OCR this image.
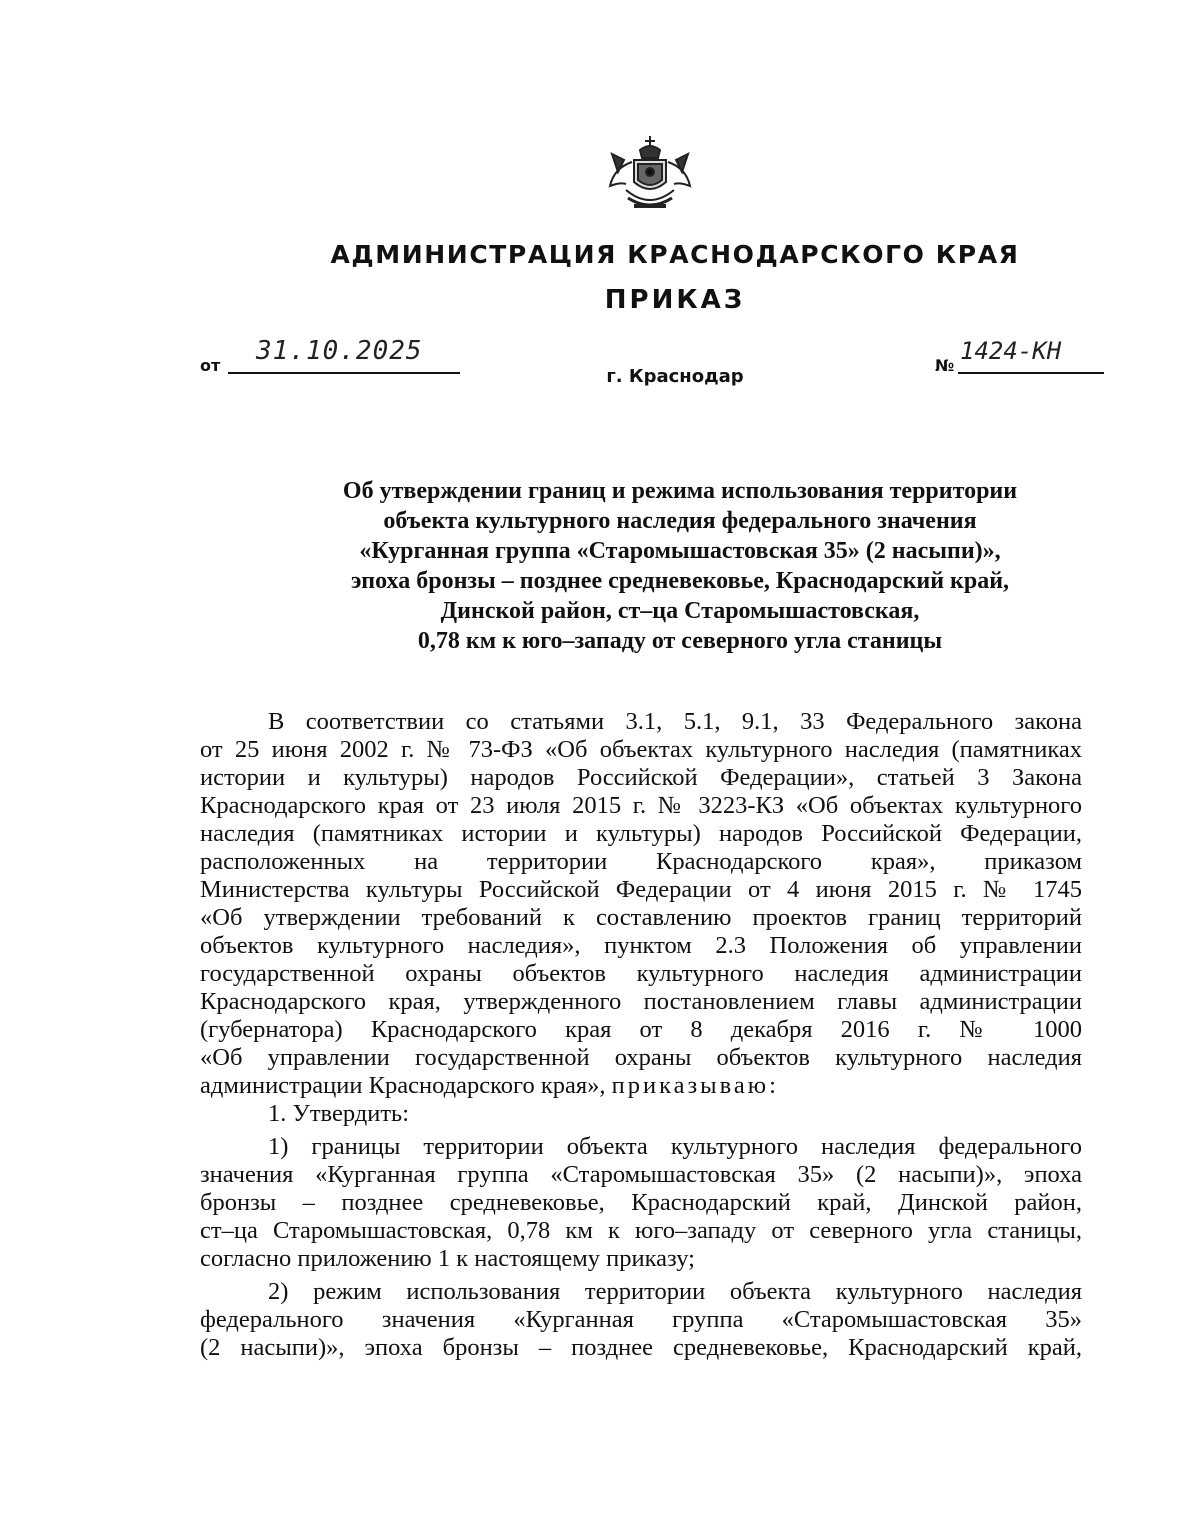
АДМИНИСТРАЦИЯ КРАСНОДАРСКОГО КРАЯ
ПРИКАЗ
от	31.10.2025
г. Краснодар
№
1424-КН
Об утверждении границ и режима использования территории
объекта культурного наследия федерального значения
«Курганная группа «Старомышастовская 35» (2 насыпи)»,
эпоха бронзы – позднее средневековье, Краснодарский край,
Динской район, ст–ца Старомышастовская,
0,78 км к юго–западу от северного угла станицы
В соответствии со статьями 3.1, 5.1, 9.1, 33 Федерального закона
от 25 июня 2002 г. № 73-ФЗ «Об объектах культурного наследия (памятниках
истории и культуры) народов Российской Федерации», статьей 3 Закона
Краснодарского края от 23 июля 2015 г. № 3223-КЗ «Об объектах культурного
наследия (памятниках истории и культуры) народов Российской Федерации,
расположенных на территории Краснодарского края», приказом
Министерства культуры Российской Федерации от 4 июня 2015 г. № 1745
«Об утверждении требований к составлению проектов границ территорий
объектов культурного наследия», пунктом 2.3 Положения об управлении
государственной охраны объектов культурного наследия администрации
Краснодарского края, утвержденного постановлением главы администрации
(губернатора) Краснодарского края от 8 декабря 2016 г. № 1000
«Об управлении государственной охраны объектов культурного наследия
администрации Краснодарского края», приказываю:
1. Утвердить:
1) границы территории объекта культурного наследия федерального
значения «Курганная группа «Старомышастовская 35» (2 насыпи)», эпоха
бронзы – позднее средневековье, Краснодарский край, Динской район,
ст–ца Старомышастовская, 0,78 км к юго–западу от северного угла станицы,
согласно приложению 1 к настоящему приказу;
2) режим использования территории объекта культурного наследия
федерального значения «Курганная группа «Старомышастовская 35»
(2 насыпи)», эпоха бронзы – позднее средневековье, Краснодарский край,
